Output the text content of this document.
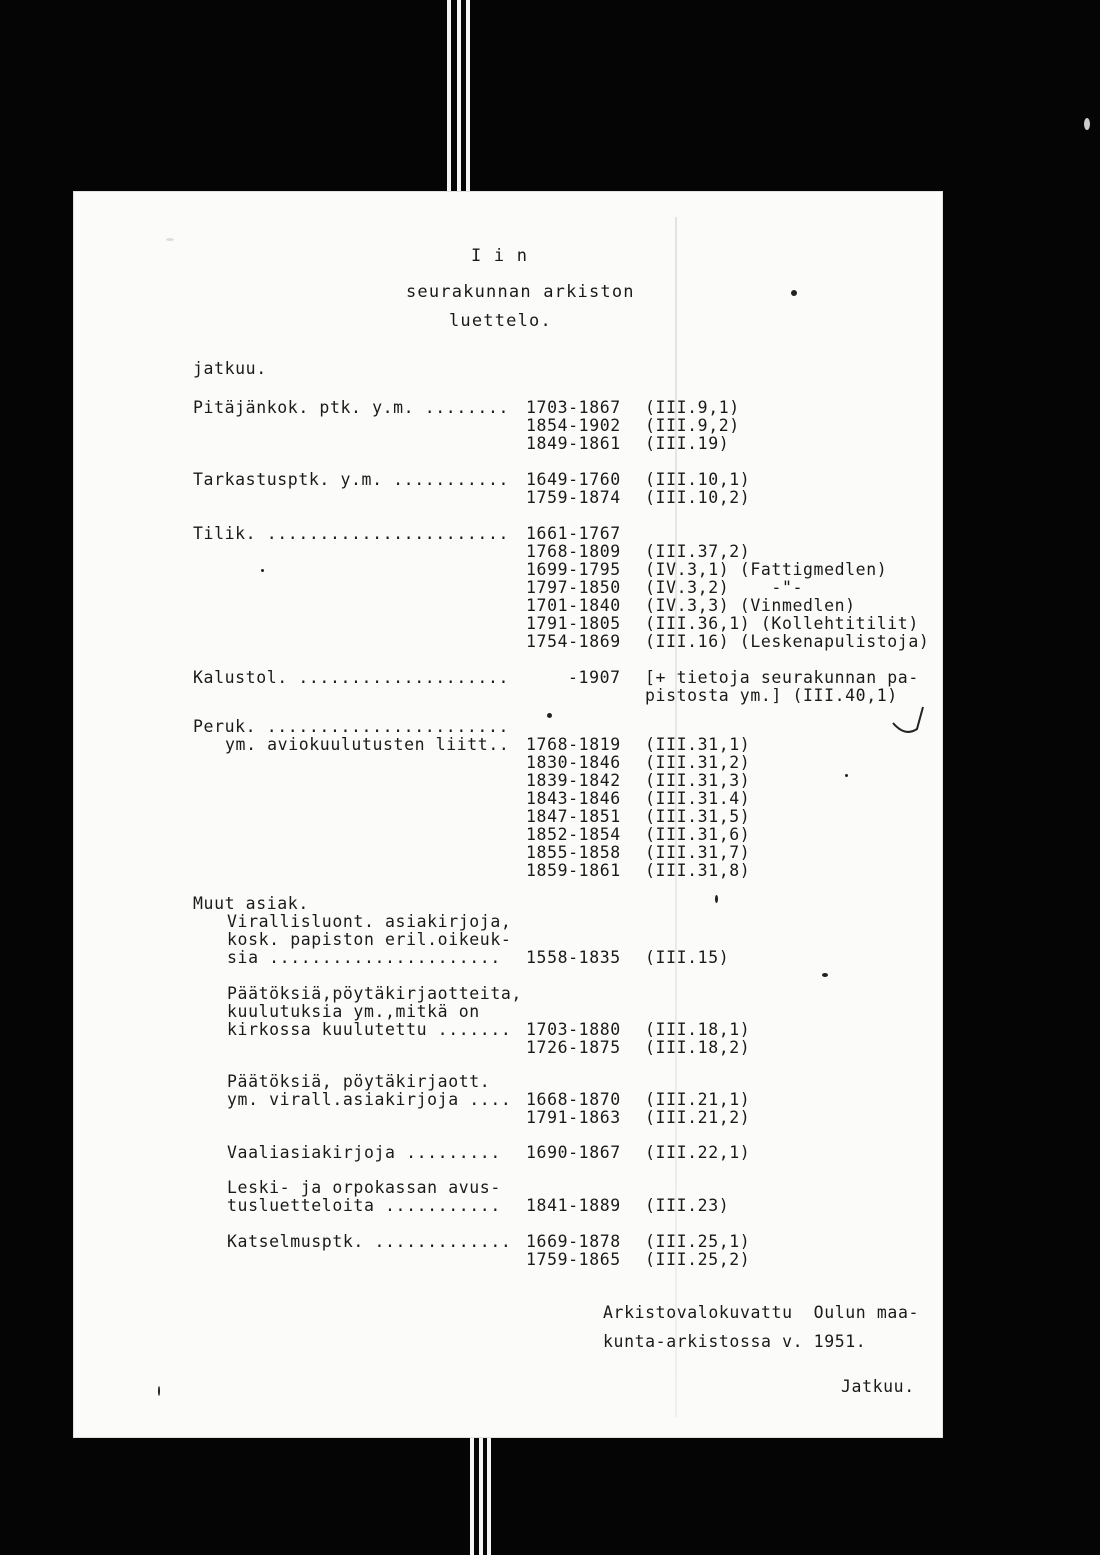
I i n
seurakunnan arkiston
luettelo.
jatkuu.
Pitäjänkok. ptk. y.m. ........ 1703-1867
1854-1902
1849-1861
(III.9,1)
(III.9,2)
(III.19)
Tarkastusptk. y.m. ........... 1649-1760
1759-1874
(III.10,1)
(III.10,2)
Tilik. ....................... 1661-1767
1768-1809
1699-1795
1797-1850
1701-1840
1791-1805
1754-1869
(III.37,2)
(IV.3,1) (Fattigmedlen)
(IV.3,2)    -"-
(IV.3,3) (Vinmedlen)
(III.36,1) (Kollehtitilit)
(III.16) (Leskenapulistoja)
Kalustol. ....................	-1907 [+ tietoja seurakunnan pa-
pistosta ym.] (III.40,1)
Peruk. .......................
ym. aviokuulutusten liitt.. 1768-1819
1830-1846
1839-1842
1843-1846
1847-1851
1852-1854
1855-1858
1859-1861
(III.31,1)
(III.31,2)
(III.31,3)
(III.31.4)
(III.31,5)
(III.31,6)
(III.31,7)
(III.31,8)
Muut asiak.
Virallisluont. asiakirjoja,
kosk. papiston eril.oikeuk-
sia ...................... 1558-1835 (III.15)
Päätöksiä,pöytäkirjaotteita,
kuulutuksia ym.,mitkä on
kirkossa kuulutettu ....... 1703-1880
1726-1875
(III.18,1)
(III.18,2)
Päätöksiä, pöytäkirjaott.
ym. virall.asiakirjoja .... 1668-1870
1791-1863
(III.21,1)
(III.21,2)
Vaaliasiakirjoja ......... 1690-1867 (III.22,1)
Leski- ja orpokassan avus-
tusluetteloita ........... 1841-1889 (III.23)
Katselmusptk. ............. 1669-1878
1759-1865
(III.25,1)
(III.25,2)
Arkistovalokuvattu  Oulun maa-
kunta-arkistossa v. 1951.
Jatkuu.
